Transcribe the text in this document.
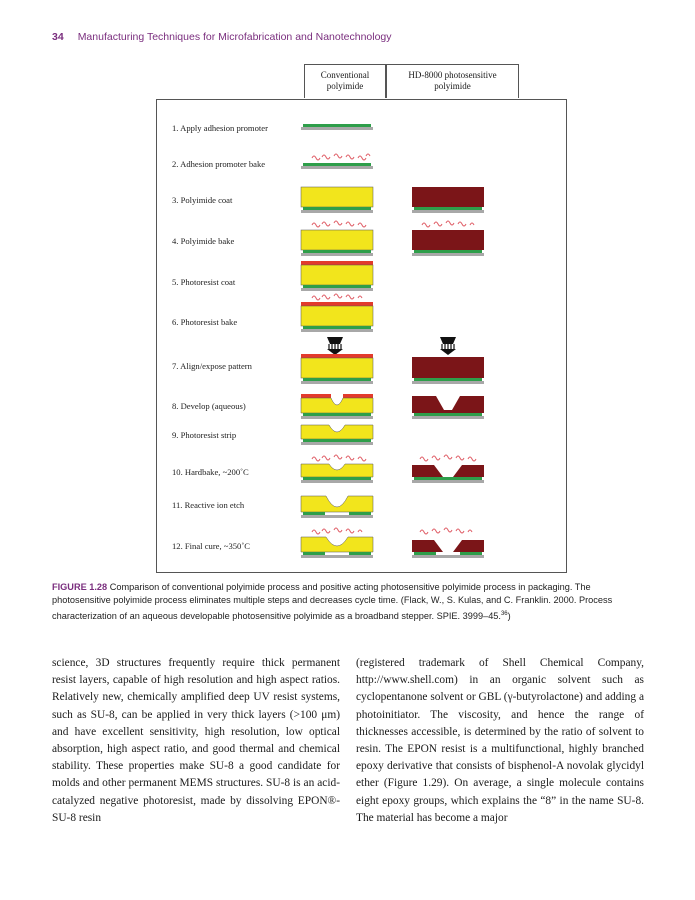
34 Manufacturing Techniques for Microfabrication and Nanotechnology
Conventional
polyimide
HD-8000 photosensitive
polyimide
1. Apply adhesion promoter
2. Adhesion promoter bake
3. Polyimide coat
4. Polyimide bake
5. Photoresist coat
6. Photoresist bake
7. Align/expose pattern
8. Develop (aqueous)
9. Photoresist strip
10. Hardbake, ~200˚C
11. Reactive ion etch
12. Final cure, ~350˚C
FIGURE 1.28 Comparison of conventional polyimide process and positive acting photosensitive polyimide process in packaging. The photosensitive polyimide process eliminates multiple steps and decreases cycle time. (Flack, W., S. Kulas, and C. Franklin. 2000. Process characterization of an aqueous developable photosensitive polyimide as a broadband stepper. SPIE. 3999–45.36)

science, 3D structures frequently require thick permanent resist layers, capable of high resolution and high aspect ratios. Relatively new, chemically amplified deep UV resist systems, such as SU-8, can be applied in very thick layers (>100 μm) and have excellent sensitivity, high resolution, low optical absorption, high aspect ratio, and good thermal and chemical stability. These properties make SU-8 a good candidate for molds and other permanent MEMS structures. SU-8 is an acid-catalyzed negative photoresist, made by dissolving EPON®-SU-8 resin

(registered trademark of Shell Chemical Company, http://www.shell.com) in an organic solvent such as cyclopentanone solvent or GBL (γ-butyrolactone) and adding a photoinitiator. The viscosity, and hence the range of thicknesses accessible, is determined by the ratio of solvent to resin. The EPON resist is a multifunctional, highly branched epoxy derivative that consists of bisphenol-A novolak glycidyl ether (Figure 1.29). On average, a single molecule contains eight epoxy groups, which explains the “8” in the name SU-8. The material has become a major
